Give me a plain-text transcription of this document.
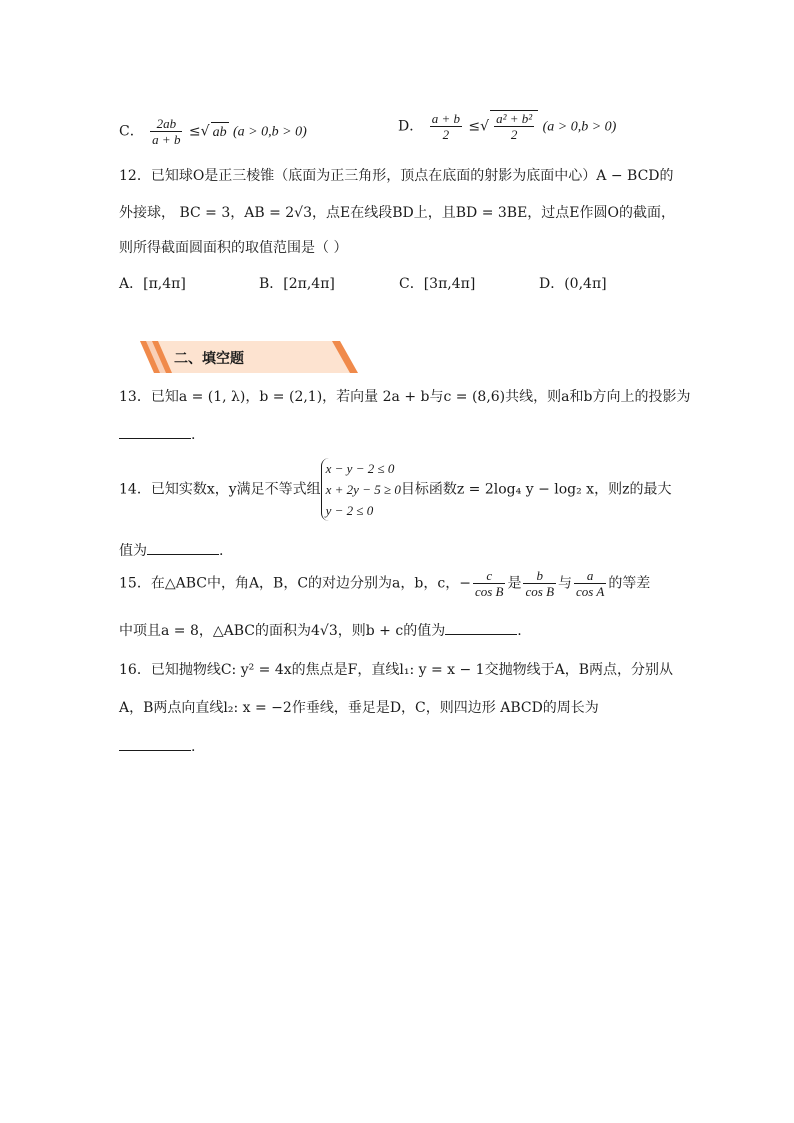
C． $\frac{2ab}{a + b}$ ≤√ ab (a > 0,b > 0)	D． $\frac{a + b}{2}$ ≤√ $\frac{\text{a² + b²}}{2} (a > 0,b > 0)$
12．已知球O是正三棱锥（底面为正三角形，顶点在底面的射影为底面中心）A − BCD的
外接球， BC = 3，AB = 2√3，点E在线段BD上，且BD = 3BE，过点E作圆O的截面，
则所得截面圆面积的取值范围是（ ）
A．[π,4π]	B．[2π,4π]	C．[3π,4π]	D．(0,4π]
二、填空题
13．已知a = (1, λ)，b = (2,1)，若向量 2a + b与c = (8,6)共线，则a和b方向上的投影为
.
14．已知实数x，y满足不等式组
x − y − 2 ≤ 0
x + 2y − 5 ≥ 0
y − 2 ≤ 0
目标函数z = 2log₄ y − log₂ x，则z的最大
值为	.
15．在△ABC中，角A，B，C的对边分别为a，b，c，− $\frac{c}{\text{cos B}}$ 是 $\frac{b}{\text{cos B}}$ 与 $\frac{a}{\text{cos A}}$ 的等差
中项且a = 8，△ABC的面积为4√3，则b + c的值为	.
16．已知抛物线C: y² = 4x的焦点是F，直线l₁: y = x − 1交抛物线于A，B两点，分别从
A，B两点向直线l₂: x = −2作垂线，垂足是D，C，则四边形 ABCD的周长为
.
